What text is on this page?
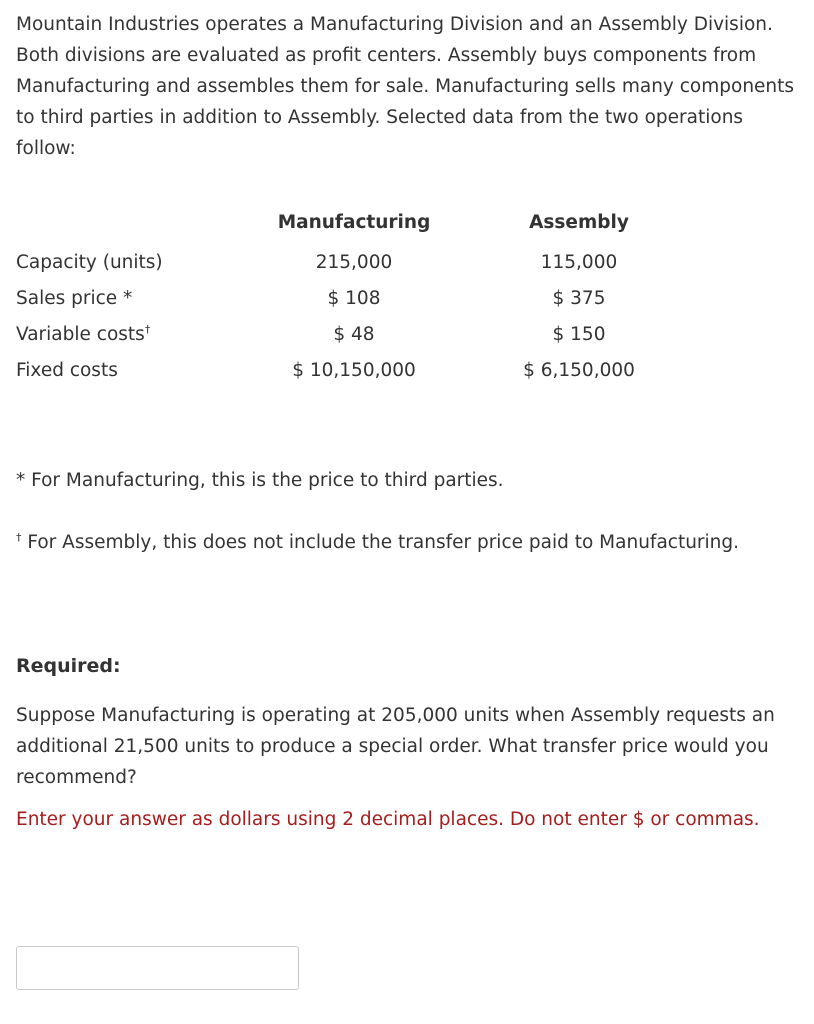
Mountain Industries operates a Manufacturing Division and an Assembly Division. Both divisions are evaluated as profit centers. Assembly buys components from Manufacturing and assembles them for sale. Manufacturing sells many components to third parties in addition to Assembly. Selected data from the two operations follow:

	Manufacturing		Assembly
Capacity (units)	215,000		115,000
Sales price *	$ 108		$ 375
Variable costs†	$ 48		$ 150
Fixed costs	$ 10,150,000		$ 6,150,000

* For Manufacturing, this is the price to third parties.

† For Assembly, this does not include the transfer price paid to Manufacturing.

Required:

Suppose Manufacturing is operating at 205,000 units when Assembly requests an additional 21,500 units to produce a special order. What transfer price would you recommend?

Enter your answer as dollars using 2 decimal places. Do not enter $ or commas.
